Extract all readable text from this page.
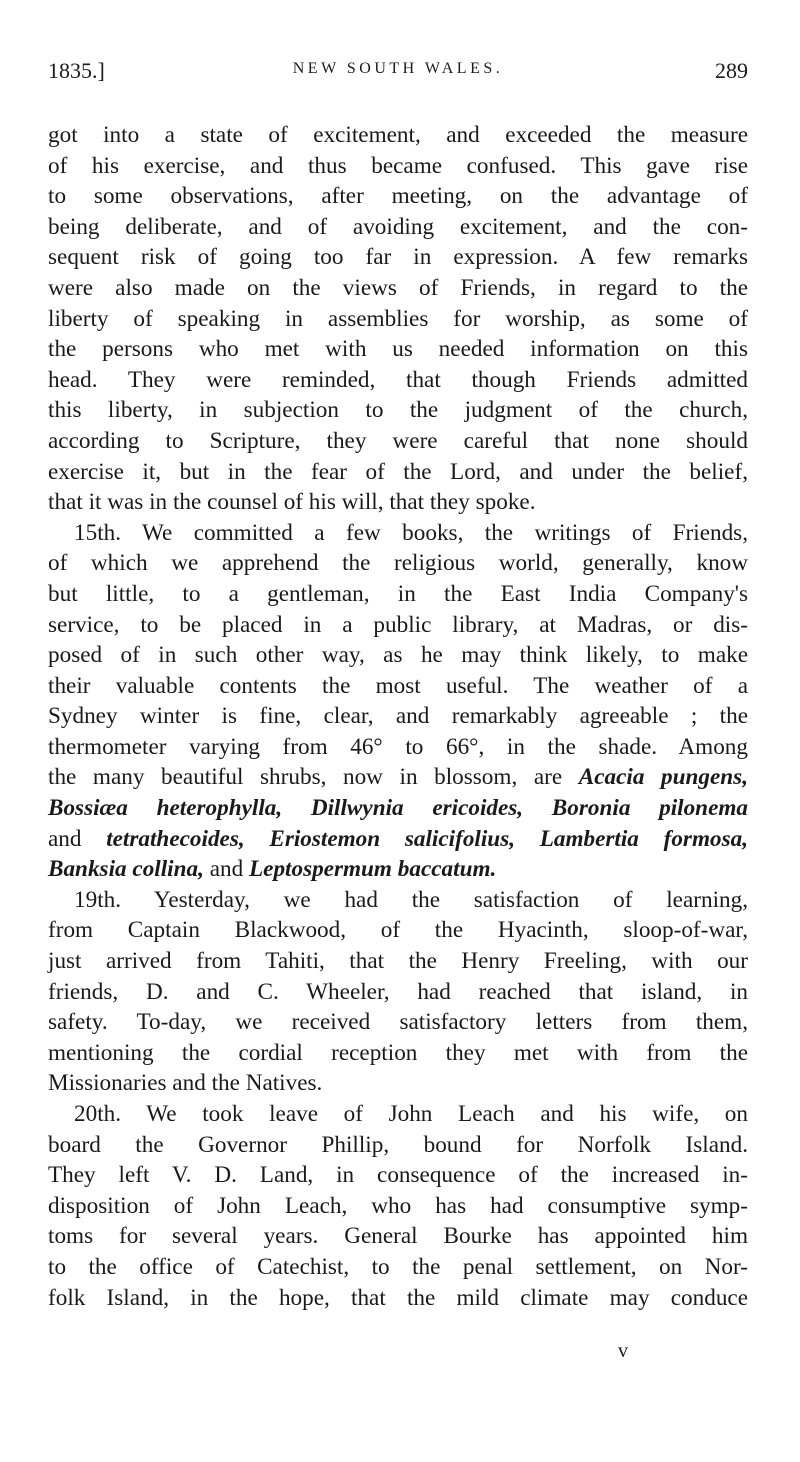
1835.]	NEW SOUTH WALES.	289
got into a state of excitement, and exceeded the measure
of his exercise, and thus became confused. This gave rise
to some observations, after meeting, on the advantage of
being deliberate, and of avoiding excitement, and the con-
sequent risk of going too far in expression. A few remarks
were also made on the views of Friends, in regard to the
liberty of speaking in assemblies for worship, as some of
the persons who met with us needed information on this
head. They were reminded, that though Friends admitted
this liberty, in subjection to the judgment of the church,
according to Scripture, they were careful that none should
exercise it, but in the fear of the Lord, and under the belief,
that it was in the counsel of his will, that they spoke.
15th. We committed a few books, the writings of Friends,
of which we apprehend the religious world, generally, know
but little, to a gentleman, in the East India Company's
service, to be placed in a public library, at Madras, or dis-
posed of in such other way, as he may think likely, to make
their valuable contents the most useful. The weather of a
Sydney winter is fine, clear, and remarkably agreeable ; the
thermometer varying from 46° to 66°, in the shade. Among
the many beautiful shrubs, now in blossom, are Acacia pungens,
Bossiæa heterophylla, Dillwynia ericoides, Boronia pilonema
and tetrathecoides, Eriostemon salicifolius, Lambertia formosa,
Banksia collina, and Leptospermum baccatum.
19th. Yesterday, we had the satisfaction of learning,
from Captain Blackwood, of the Hyacinth, sloop-of-war,
just arrived from Tahiti, that the Henry Freeling, with our
friends, D. and C. Wheeler, had reached that island, in
safety. To-day, we received satisfactory letters from them,
mentioning the cordial reception they met with from the
Missionaries and the Natives.
20th. We took leave of John Leach and his wife, on
board the Governor Phillip, bound for Norfolk Island.
They left V. D. Land, in consequence of the increased in-
disposition of John Leach, who has had consumptive symp-
toms for several years. General Bourke has appointed him
to the office of Catechist, to the penal settlement, on Nor-
folk Island, in the hope, that the mild climate may conduce
v
